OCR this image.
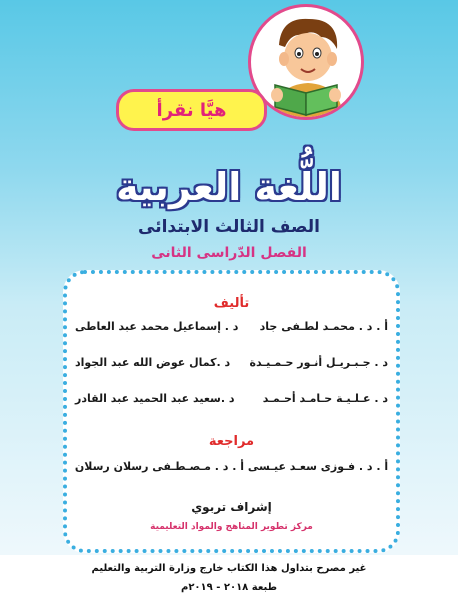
هيَّا نقرأ
اللُّغة العربية
الصف الثالث الابتدائى
الفصل الدّراسى الثانى
تأليف
أ . د . محمـد لطـفى جاد
د . إسماعيل محمد عبد العاطى
د . جـبـريـل أنـور حـمـيـدة
د .كمال عوض الله عبد الجواد
د . عـلـيـة حـامـد أحـمـد
د .سعيد عبد الحميد عبد القادر
مراجعة
أ . د . فـوزى سعـد عيـسى أ . د . مـصـطـفى رسلان رسلان
إشراف تربوي
مركز تطوير المناهج والمواد التعليمية
غير مصرح بتداول هذا الكتاب خارج وزارة التربية والتعليم
طبعة ٢٠١٨ - ٢٠١٩م
